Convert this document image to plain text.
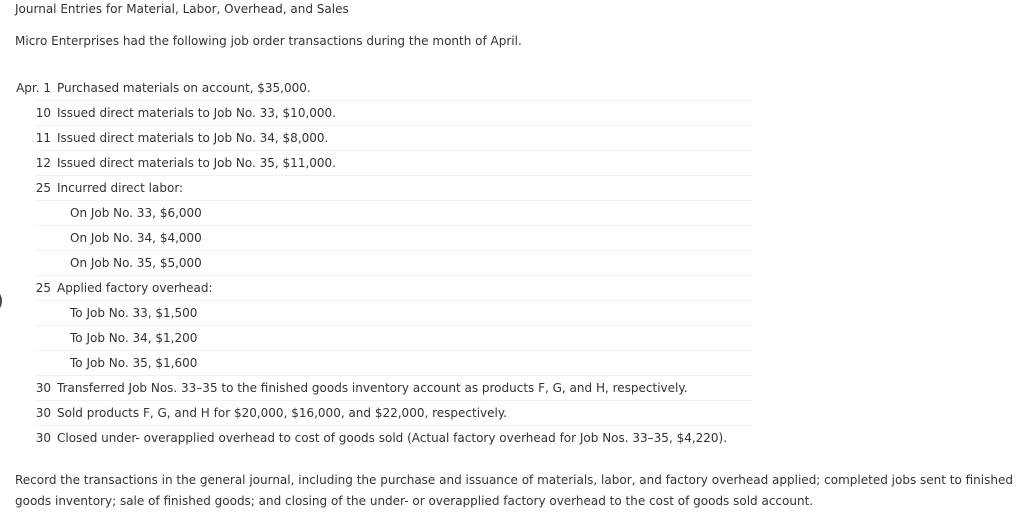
Journal Entries for Material, Labor, Overhead, and Sales
Micro Enterprises had the following job order transactions during the month of April.
Apr. 1 Purchased materials on account, $35,000.
10 Issued direct materials to Job No. 33, $10,000.
11 Issued direct materials to Job No. 34, $8,000.
12 Issued direct materials to Job No. 35, $11,000.
25 Incurred direct labor:
On Job No. 33, $6,000
On Job No. 34, $4,000
On Job No. 35, $5,000
25 Applied factory overhead:
To Job No. 33, $1,500
To Job No. 34, $1,200
To Job No. 35, $1,600
30 Transferred Job Nos. 33–35 to the finished goods inventory account as products F, G, and H, respectively.
30 Sold products F, G, and H for $20,000, $16,000, and $22,000, respectively.
30 Closed under- overapplied overhead to cost of goods sold (Actual factory overhead for Job Nos. 33–35, $4,220).
Record the transactions in the general journal, including the purchase and issuance of materials, labor, and factory overhead applied; completed jobs sent to finished goods inventory; sale of finished goods; and closing of the under- or overapplied factory overhead to the cost of goods sold account.
